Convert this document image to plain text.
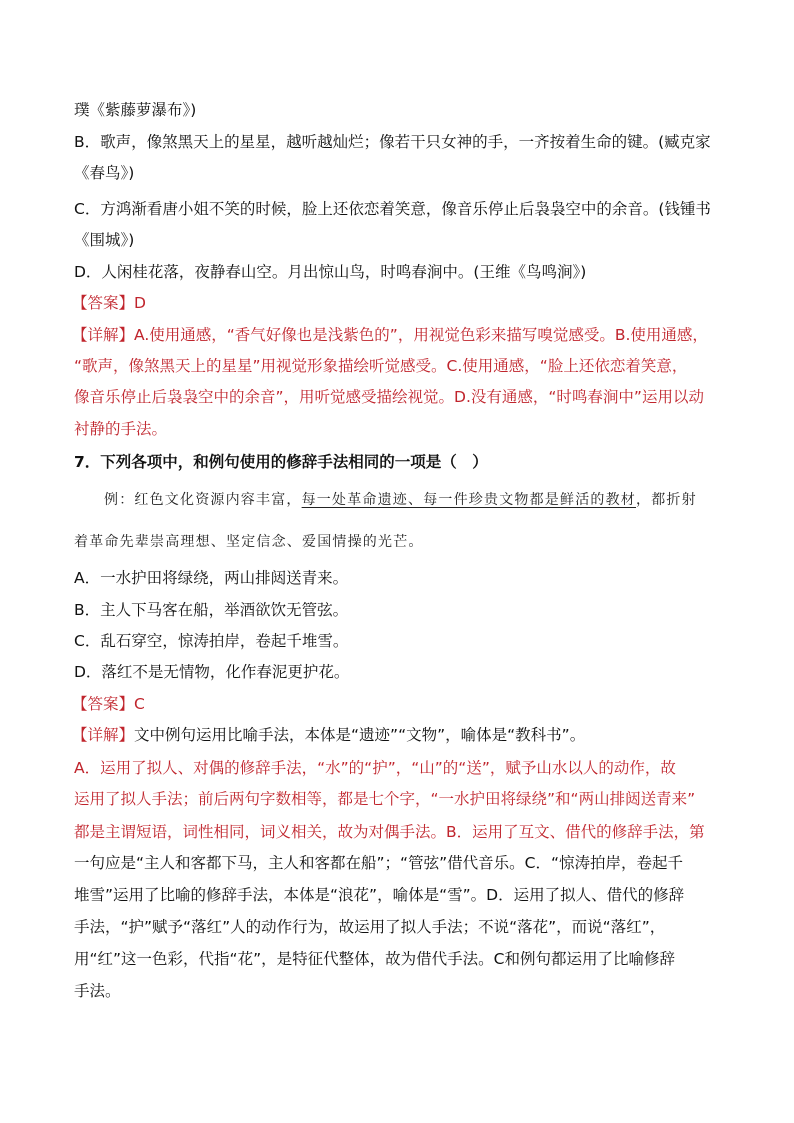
璞《紫藤萝瀑布》)
B．歌声，像煞黑天上的星星，越听越灿烂；像若干只女神的手，一齐按着生命的键。(臧克家
《春鸟》)
C．方鸿渐看唐小姐不笑的时候，脸上还依恋着笑意，像音乐停止后袅袅空中的余音。(钱锺书
《围城》)
D．人闲桂花落，夜静春山空。月出惊山鸟，时鸣春涧中。(王维《鸟鸣涧》)
【答案】D
【详解】A.使用通感，“香气好像也是浅紫色的”，用视觉色彩来描写嗅觉感受。B.使用通感，
“歌声，像煞黑天上的星星”用视觉形象描绘听觉感受。C.使用通感，“脸上还依恋着笑意，
像音乐停止后袅袅空中的余音”，用听觉感受描绘视觉。D.没有通感，“时鸣春涧中”运用以动
衬静的手法。
7．下列各项中，和例句使用的修辞手法相同的一项是（　）
例：红色文化资源内容丰富，每一处革命遗迹、每一件珍贵文物都是鲜活的教材，都折射
着革命先辈崇高理想、坚定信念、爱国情操的光芒。
A．一水护田将绿绕，两山排闼送青来。
B．主人下马客在船，举酒欲饮无管弦。
C．乱石穿空，惊涛拍岸，卷起千堆雪。
D．落红不是无情物，化作春泥更护花。
【答案】C
【详解】文中例句运用比喻手法，本体是“遗迹”“文物”，喻体是“教科书”。
A．运用了拟人、对偶的修辞手法，“水”的“护”，“山”的“送”，赋予山水以人的动作，故
运用了拟人手法；前后两句字数相等，都是七个字，“一水护田将绿绕”和“两山排闼送青来”
都是主谓短语，词性相同，词义相关，故为对偶手法。B．运用了互文、借代的修辞手法，第
一句应是“主人和客都下马，主人和客都在船”；“管弦”借代音乐。C．“惊涛拍岸，卷起千
堆雪”运用了比喻的修辞手法，本体是“浪花”，喻体是“雪”。D．运用了拟人、借代的修辞
手法，“护”赋予“落红”人的动作行为，故运用了拟人手法；不说“落花”，而说“落红”，
用“红”这一色彩，代指“花”，是特征代整体，故为借代手法。C和例句都运用了比喻修辞
手法。
